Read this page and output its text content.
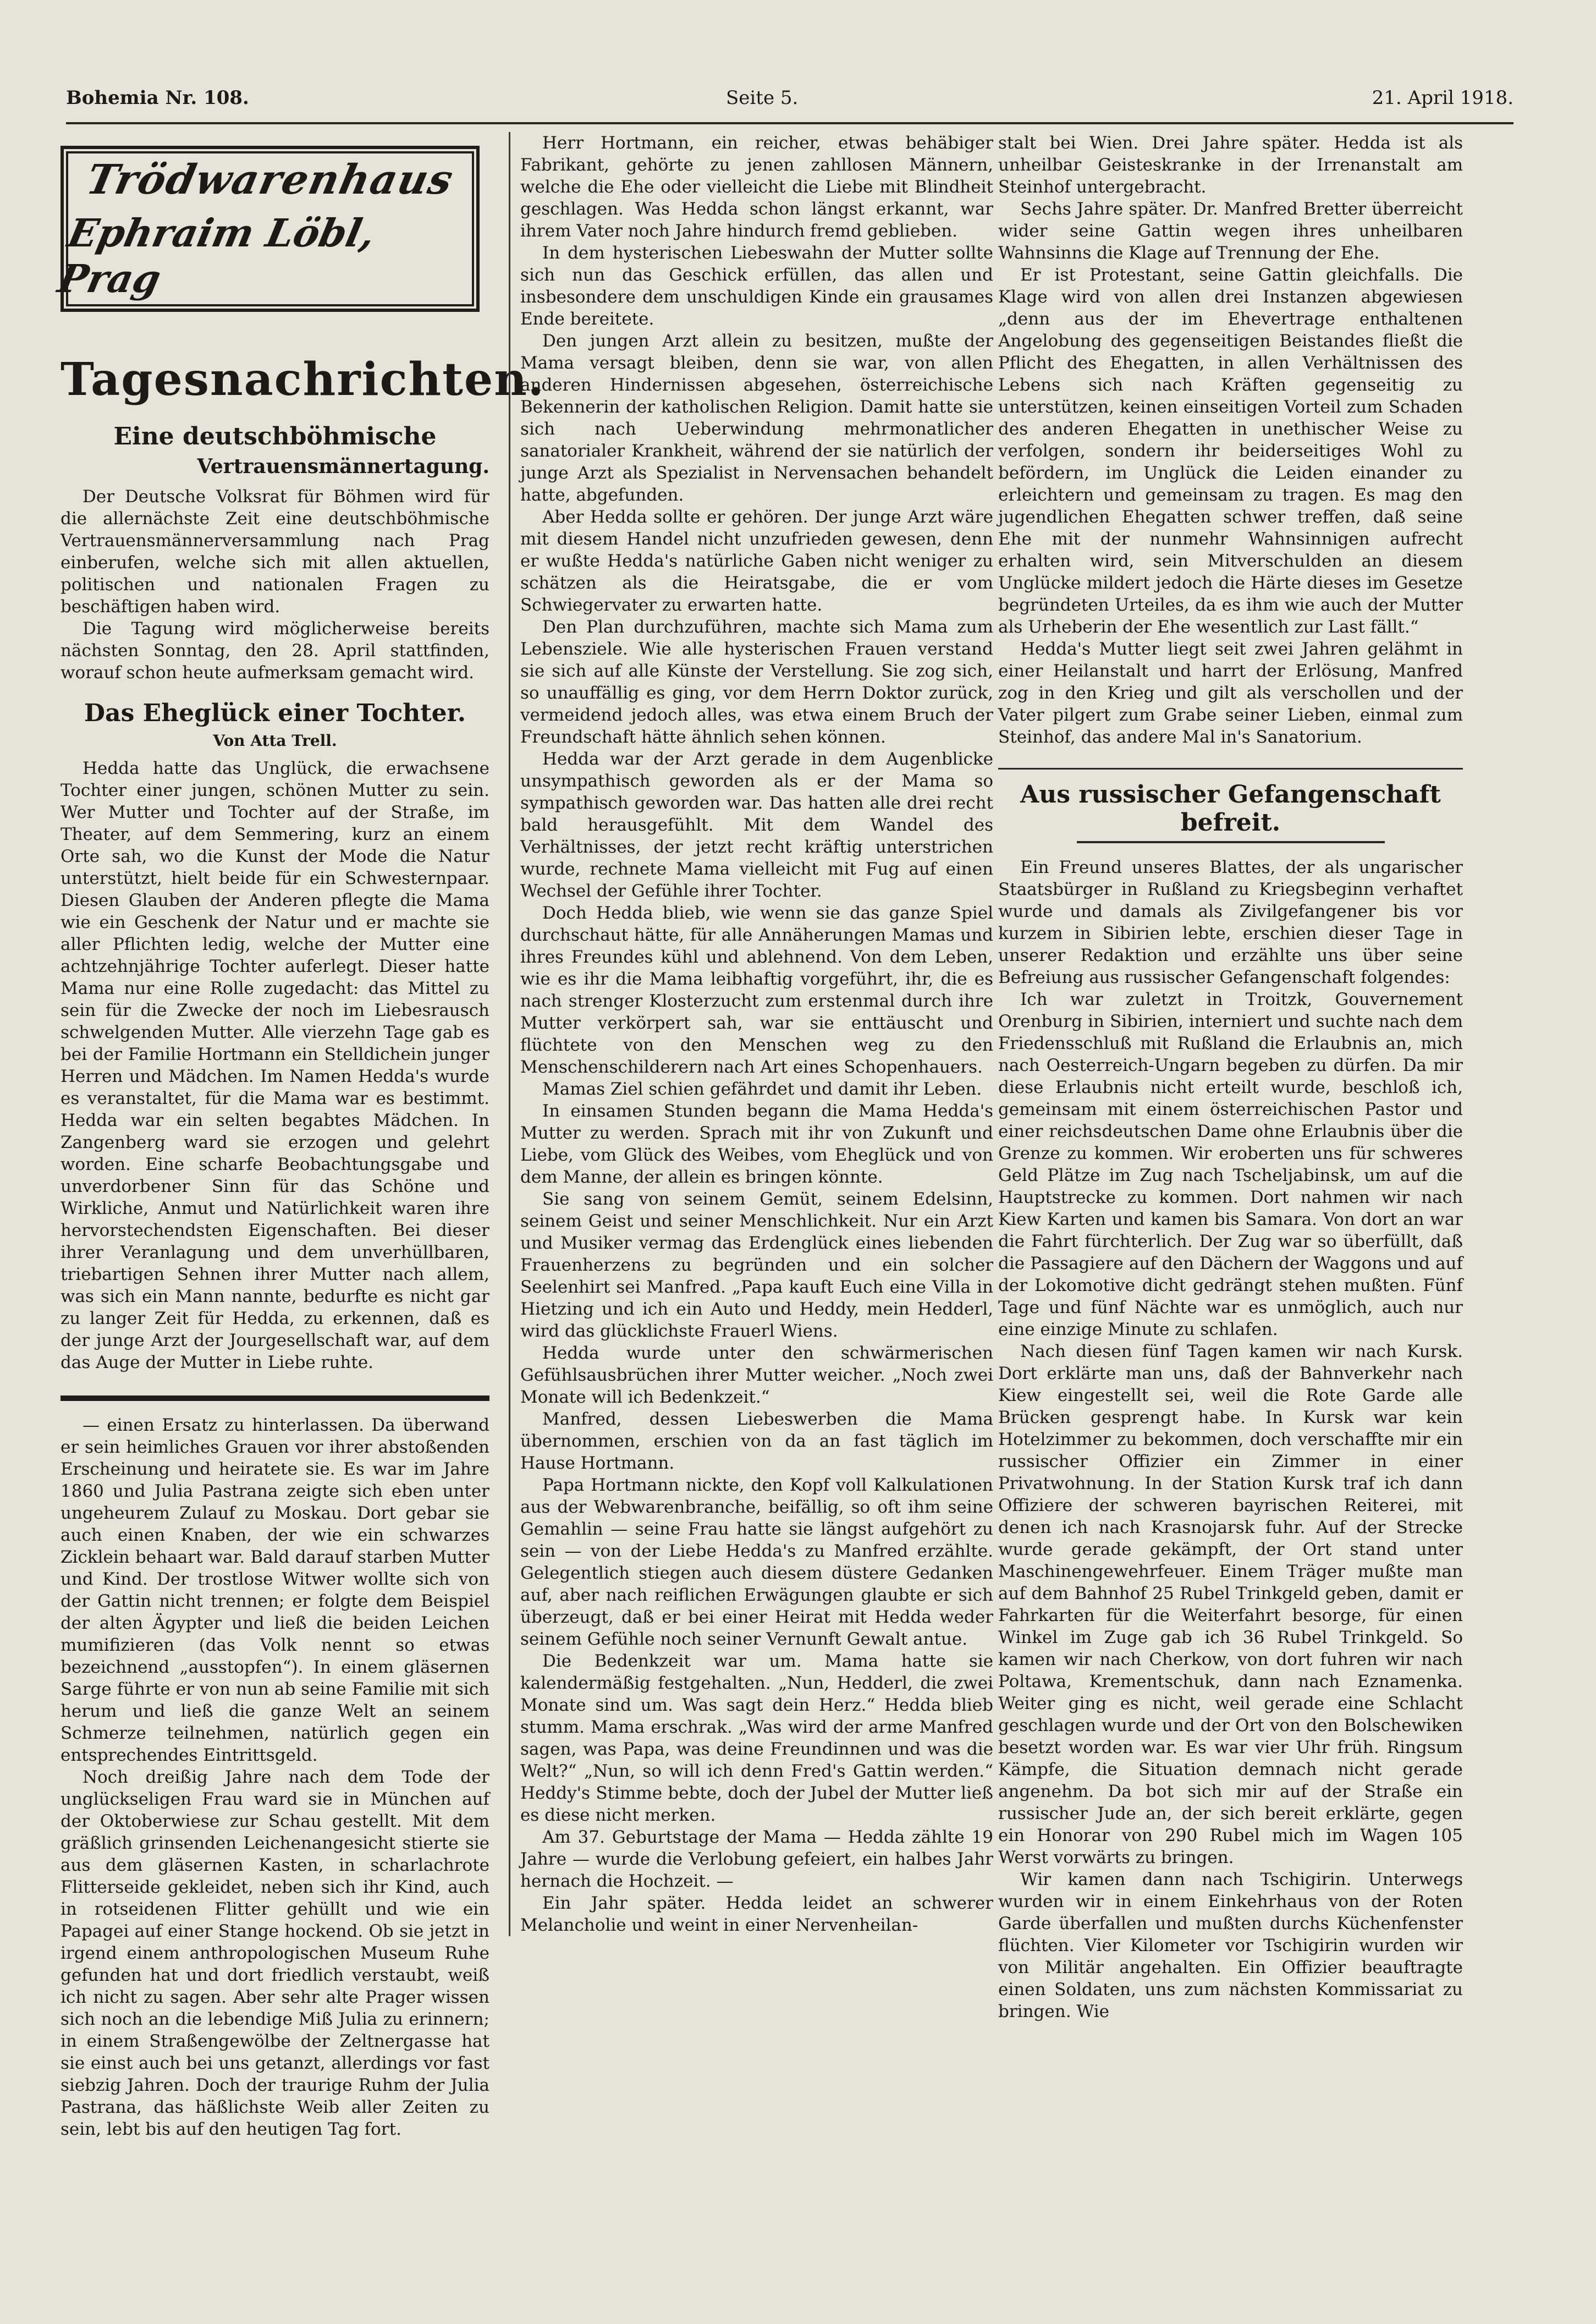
Bohemia Nr. 108.	Seite 5.	21. April 1918.
Trödwarenhaus
Ephraim Löbl, Prag
Tagesnachrichten.
Eine deutschböhmische
Vertrauensmännertagung.

Der Deutsche Volksrat für Böhmen wird für die allernächste Zeit eine deutschböhmische Vertrauensmännerversammlung nach Prag einberufen, welche sich mit allen aktuellen, politischen und nationalen Fragen zu beschäftigen haben wird.

Die Tagung wird möglicherweise bereits nächsten Sonntag, den 28. April stattfinden, worauf schon heute aufmerksam gemacht wird.

Das Eheglück einer Tochter.
Von Atta Trell.

Hedda hatte das Unglück, die erwachsene Tochter einer jungen, schönen Mutter zu sein. Wer Mutter und Tochter auf der Straße, im Theater, auf dem Semmering, kurz an einem Orte sah, wo die Kunst der Mode die Natur unterstützt, hielt beide für ein Schwesternpaar. Diesen Glauben der Anderen pflegte die Mama wie ein Geschenk der Natur und er machte sie aller Pflichten ledig, welche der Mutter eine achtzehnjährige Tochter auferlegt. Dieser hatte Mama nur eine Rolle zugedacht: das Mittel zu sein für die Zwecke der noch im Liebesrausch schwelgenden Mutter. Alle vierzehn Tage gab es bei der Familie Hortmann ein Stelldichein junger Herren und Mädchen. Im Namen Hedda's wurde es veranstaltet, für die Mama war es bestimmt. Hedda war ein selten begabtes Mädchen. In Zangenberg ward sie erzogen und gelehrt worden. Eine scharfe Beobachtungsgabe und unverdorbener Sinn für das Schöne und Wirkliche, Anmut und Natürlichkeit waren ihre hervorstechendsten Eigenschaften. Bei dieser ihrer Veranlagung und dem unverhüllbaren, triebartigen Sehnen ihrer Mutter nach allem, was sich ein Mann nannte, bedurfte es nicht gar zu langer Zeit für Hedda, zu erkennen, daß es der junge Arzt der Jourgesellschaft war, auf dem das Auge der Mutter in Liebe ruhte.

— einen Ersatz zu hinterlassen. Da überwand er sein heimliches Grauen vor ihrer abstoßenden Erscheinung und heiratete sie. Es war im Jahre 1860 und Julia Pastrana zeigte sich eben unter ungeheurem Zulauf zu Moskau. Dort gebar sie auch einen Knaben, der wie ein schwarzes Zicklein behaart war. Bald darauf starben Mutter und Kind. Der trostlose Witwer wollte sich von der Gattin nicht trennen; er folgte dem Beispiel der alten Ägypter und ließ die beiden Leichen mumifizieren (das Volk nennt so etwas bezeichnend „ausstopfen“). In einem gläsernen Sarge führte er von nun ab seine Familie mit sich herum und ließ die ganze Welt an seinem Schmerze teilnehmen, natürlich gegen ein entsprechendes Eintrittsgeld.

Noch dreißig Jahre nach dem Tode der unglückseligen Frau ward sie in München auf der Oktoberwiese zur Schau gestellt. Mit dem gräßlich grinsenden Leichenangesicht stierte sie aus dem gläsernen Kasten, in scharlachrote Flitterseide gekleidet, neben sich ihr Kind, auch in rotseidenen Flitter gehüllt und wie ein Papagei auf einer Stange hockend. Ob sie jetzt in irgend einem anthropologischen Museum Ruhe gefunden hat und dort friedlich verstaubt, weiß ich nicht zu sagen. Aber sehr alte Prager wissen sich noch an die lebendige Miß Julia zu erinnern; in einem Straßengewölbe der Zeltnergasse hat sie einst auch bei uns getanzt, allerdings vor fast siebzig Jahren. Doch der traurige Ruhm der Julia Pastrana, das häßlichste Weib aller Zeiten zu sein, lebt bis auf den heutigen Tag fort.

Herr Hortmann, ein reicher, etwas behäbiger Fabrikant, gehörte zu jenen zahllosen Männern, welche die Ehe oder vielleicht die Liebe mit Blindheit geschlagen. Was Hedda schon längst erkannt, war ihrem Vater noch Jahre hindurch fremd geblieben.

In dem hysterischen Liebeswahn der Mutter sollte sich nun das Geschick erfüllen, das allen und insbesondere dem unschuldigen Kinde ein grausames Ende bereitete.

Den jungen Arzt allein zu besitzen, mußte der Mama versagt bleiben, denn sie war, von allen anderen Hindernissen abgesehen, österreichische Bekennerin der katholischen Religion. Damit hatte sie sich nach Ueberwindung mehrmonatlicher sanatorialer Krankheit, während der sie natürlich der junge Arzt als Spezialist in Nervensachen behandelt hatte, abgefunden.

Aber Hedda sollte er gehören. Der junge Arzt wäre mit diesem Handel nicht unzufrieden gewesen, denn er wußte Hedda's natürliche Gaben nicht weniger zu schätzen als die Heiratsgabe, die er vom Schwiegervater zu erwarten hatte.

Den Plan durchzuführen, machte sich Mama zum Lebensziele. Wie alle hysterischen Frauen verstand sie sich auf alle Künste der Verstellung. Sie zog sich, so unauffällig es ging, vor dem Herrn Doktor zurück, vermeidend jedoch alles, was etwa einem Bruch der Freundschaft hätte ähnlich sehen können.

Hedda war der Arzt gerade in dem Augenblicke unsympathisch geworden als er der Mama so sympathisch geworden war. Das hatten alle drei recht bald herausgefühlt. Mit dem Wandel des Verhältnisses, der jetzt recht kräftig unterstrichen wurde, rechnete Mama vielleicht mit Fug auf einen Wechsel der Gefühle ihrer Tochter.

Doch Hedda blieb, wie wenn sie das ganze Spiel durchschaut hätte, für alle Annäherungen Mamas und ihres Freundes kühl und ablehnend. Von dem Leben, wie es ihr die Mama leibhaftig vorgeführt, ihr, die es nach strenger Klosterzucht zum erstenmal durch ihre Mutter verkörpert sah, war sie enttäuscht und flüchtete von den Menschen weg zu den Menschenschilderern nach Art eines Schopenhauers.

Mamas Ziel schien gefährdet und damit ihr Leben.

In einsamen Stunden begann die Mama Hedda's Mutter zu werden. Sprach mit ihr von Zukunft und Liebe, vom Glück des Weibes, vom Eheglück und von dem Manne, der allein es bringen könnte.

Sie sang von seinem Gemüt, seinem Edelsinn, seinem Geist und seiner Menschlichkeit. Nur ein Arzt und Musiker vermag das Erdenglück eines liebenden Frauenherzens zu begründen und ein solcher Seelenhirt sei Manfred. „Papa kauft Euch eine Villa in Hietzing und ich ein Auto und Heddy, mein Hedderl, wird das glücklichste Frauerl Wiens.

Hedda wurde unter den schwärmerischen Gefühlsausbrüchen ihrer Mutter weicher. „Noch zwei Monate will ich Bedenkzeit.“

Manfred, dessen Liebeswerben die Mama übernommen, erschien von da an fast täglich im Hause Hortmann.

Papa Hortmann nickte, den Kopf voll Kalkulationen aus der Webwarenbranche, beifällig, so oft ihm seine Gemahlin — seine Frau hatte sie längst aufgehört zu sein — von der Liebe Hedda's zu Manfred erzählte. Gelegentlich stiegen auch diesem düstere Gedanken auf, aber nach reiflichen Erwägungen glaubte er sich überzeugt, daß er bei einer Heirat mit Hedda weder seinem Gefühle noch seiner Vernunft Gewalt antue.

Die Bedenkzeit war um. Mama hatte sie kalendermäßig festgehalten. „Nun, Hedderl, die zwei Monate sind um. Was sagt dein Herz.“ Hedda blieb stumm. Mama erschrak. „Was wird der arme Manfred sagen, was Papa, was deine Freundinnen und was die Welt?“ „Nun, so will ich denn Fred's Gattin werden.“ Heddy's Stimme bebte, doch der Jubel der Mutter ließ es diese nicht merken.

Am 37. Geburtstage der Mama — Hedda zählte 19 Jahre — wurde die Verlobung gefeiert, ein halbes Jahr hernach die Hochzeit. —

Ein Jahr später. Hedda leidet an schwerer Melancholie und weint in einer Nervenheilan-

stalt bei Wien. Drei Jahre später. Hedda ist als unheilbar Geisteskranke in der Irrenanstalt am Steinhof untergebracht.

Sechs Jahre später. Dr. Manfred Bretter überreicht wider seine Gattin wegen ihres unheilbaren Wahnsinns die Klage auf Trennung der Ehe.

Er ist Protestant, seine Gattin gleichfalls. Die Klage wird von allen drei Instanzen abgewiesen „denn aus der im Ehevertrage enthaltenen Angelobung des gegenseitigen Beistandes fließt die Pflicht des Ehegatten, in allen Verhältnissen des Lebens sich nach Kräften gegenseitig zu unterstützen, keinen einseitigen Vorteil zum Schaden des anderen Ehegatten in unethischer Weise zu verfolgen, sondern ihr beiderseitiges Wohl zu befördern, im Unglück die Leiden einander zu erleichtern und gemeinsam zu tragen. Es mag den jugendlichen Ehegatten schwer treffen, daß seine Ehe mit der nunmehr Wahnsinnigen aufrecht erhalten wird, sein Mitverschulden an diesem Unglücke mildert jedoch die Härte dieses im Gesetze begründeten Urteiles, da es ihm wie auch der Mutter als Urheberin der Ehe wesentlich zur Last fällt.“

Hedda's Mutter liegt seit zwei Jahren gelähmt in einer Heilanstalt und harrt der Erlösung, Manfred zog in den Krieg und gilt als verschollen und der Vater pilgert zum Grabe seiner Lieben, einmal zum Steinhof, das andere Mal in's Sanatorium.

Aus russischer Gefangenschaft befreit.

Ein Freund unseres Blattes, der als ungarischer Staatsbürger in Rußland zu Kriegsbeginn verhaftet wurde und damals als Zivilgefangener bis vor kurzem in Sibirien lebte, erschien dieser Tage in unserer Redaktion und erzählte uns über seine Befreiung aus russischer Gefangenschaft folgendes:

Ich war zuletzt in Troitzk, Gouvernement Orenburg in Sibirien, interniert und suchte nach dem Friedensschluß mit Rußland die Erlaubnis an, mich nach Oesterreich-Ungarn begeben zu dürfen. Da mir diese Erlaubnis nicht erteilt wurde, beschloß ich, gemeinsam mit einem österreichischen Pastor und einer reichsdeutschen Dame ohne Erlaubnis über die Grenze zu kommen. Wir eroberten uns für schweres Geld Plätze im Zug nach Tscheljabinsk, um auf die Hauptstrecke zu kommen. Dort nahmen wir nach Kiew Karten und kamen bis Samara. Von dort an war die Fahrt fürchterlich. Der Zug war so überfüllt, daß die Passagiere auf den Dächern der Waggons und auf der Lokomotive dicht gedrängt stehen mußten. Fünf Tage und fünf Nächte war es unmöglich, auch nur eine einzige Minute zu schlafen.

Nach diesen fünf Tagen kamen wir nach Kursk. Dort erklärte man uns, daß der Bahnverkehr nach Kiew eingestellt sei, weil die Rote Garde alle Brücken gesprengt habe. In Kursk war kein Hotelzimmer zu bekommen, doch verschaffte mir ein russischer Offizier ein Zimmer in einer Privatwohnung. In der Station Kursk traf ich dann Offiziere der schweren bayrischen Reiterei, mit denen ich nach Krasnojarsk fuhr. Auf der Strecke wurde gerade gekämpft, der Ort stand unter Maschinengewehrfeuer. Einem Träger mußte man auf dem Bahnhof 25 Rubel Trinkgeld geben, damit er Fahrkarten für die Weiterfahrt besorge, für einen Winkel im Zuge gab ich 36 Rubel Trinkgeld. So kamen wir nach Cherkow, von dort fuhren wir nach Poltawa, Krementschuk, dann nach Eznamenka. Weiter ging es nicht, weil gerade eine Schlacht geschlagen wurde und der Ort von den Bolschewiken besetzt worden war. Es war vier Uhr früh. Ringsum Kämpfe, die Situation demnach nicht gerade angenehm. Da bot sich mir auf der Straße ein russischer Jude an, der sich bereit erklärte, gegen ein Honorar von 290 Rubel mich im Wagen 105 Werst vorwärts zu bringen.

Wir kamen dann nach Tschigirin. Unterwegs wurden wir in einem Einkehrhaus von der Roten Garde überfallen und mußten durchs Küchenfenster flüchten. Vier Kilometer vor Tschigirin wurden wir von Militär angehalten. Ein Offizier beauftragte einen Soldaten, uns zum nächsten Kommissariat zu bringen. Wie
